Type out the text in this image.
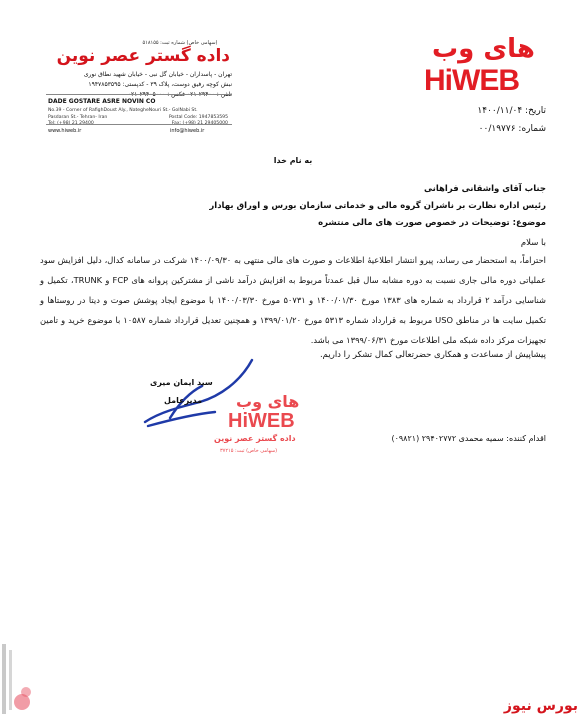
(سهامی خاص) شماره ثبت: ۵۱۸۱۵۵
داده گستر عصر نوین
تهران - پاسداران - خیابان گل نبی - خیابان شهید نطاق نوری
نبش کوچه رفیق دوست، پلاک ۳۹ - کدپستی: ۱۹۴۷۸۵۳۵۹۵
DADE GOSTARE ASRE NOVIN CO
No.39 - Corner of RafighDoust Aly., NategheNouri St.- GolNabi St.
Pasdaran St.- Tehran- Iran	Postal Code: 1947853595
www.hiweb.ir	info@hiweb.ir
های وب
HiWEB
تاریخ: ۱۴۰۰/۱۱/۰۴
شماره: ۰۰/۱۹۷۷۶
به نام خدا
جناب آقای واشقانی فراهانی
رئیس اداره نظارت بر ناشران گروه مالی و خدماتی سازمان بورس و اوراق بهادار
موضوع: توضیحات در خصوص صورت های مالی منتشره
با سلام
احتراماً، به استحضار می رساند، پیرو انتشار اطلاعیۀ اطلاعات و صورت های مالی منتهی به ۱۴۰۰/۰۹/۳۰ شرکت در سامانه کدال، دلیل افزایش سود عملیاتی دوره مالی جاری نسبت به دوره مشابه سال قبل عمدتاً مربوط به افزایش درآمد ناشی از مشترکین پروانه های FCP و TRUNK، تکمیل و شناسایی درآمد ۲ قرارداد به شماره های ۱۳۸۳ مورخ ۱۴۰۰/۰۱/۳۰ و ۵۰۷۳۱ مورخ ۱۴۰۰/۰۳/۳۰ با موضوع ایجاد پوشش صوت و دیتا در روستاها و تکمیل سایت ها در مناطق USO مربوط به قرارداد شماره ۵۳۱۳ مورخ ۱۳۹۹/۰۱/۲۰ و همچنین تعدیل قرارداد شماره ۱۰۵۸۷ با موضوع خرید و تامین تجهیزات مرکز داده شبکه ملی اطلاعات مورخ ۱۳۹۹/۰۶/۳۱ می باشد.
پیشاپیش از مساعدت و همکاری حضرتعالی کمال تشکر را داریم.
سید ایمان میری
مدیرعامل های وب
HiWEB
داده گستر عصر نوین
(سهامی خاص) ثبت: ۳۷۲۱۵
اقدام کننده: سمیه محمدی ۲۹۴۰۲۷۷۲ (۰۹۸۲۱)
بورس نیوز
